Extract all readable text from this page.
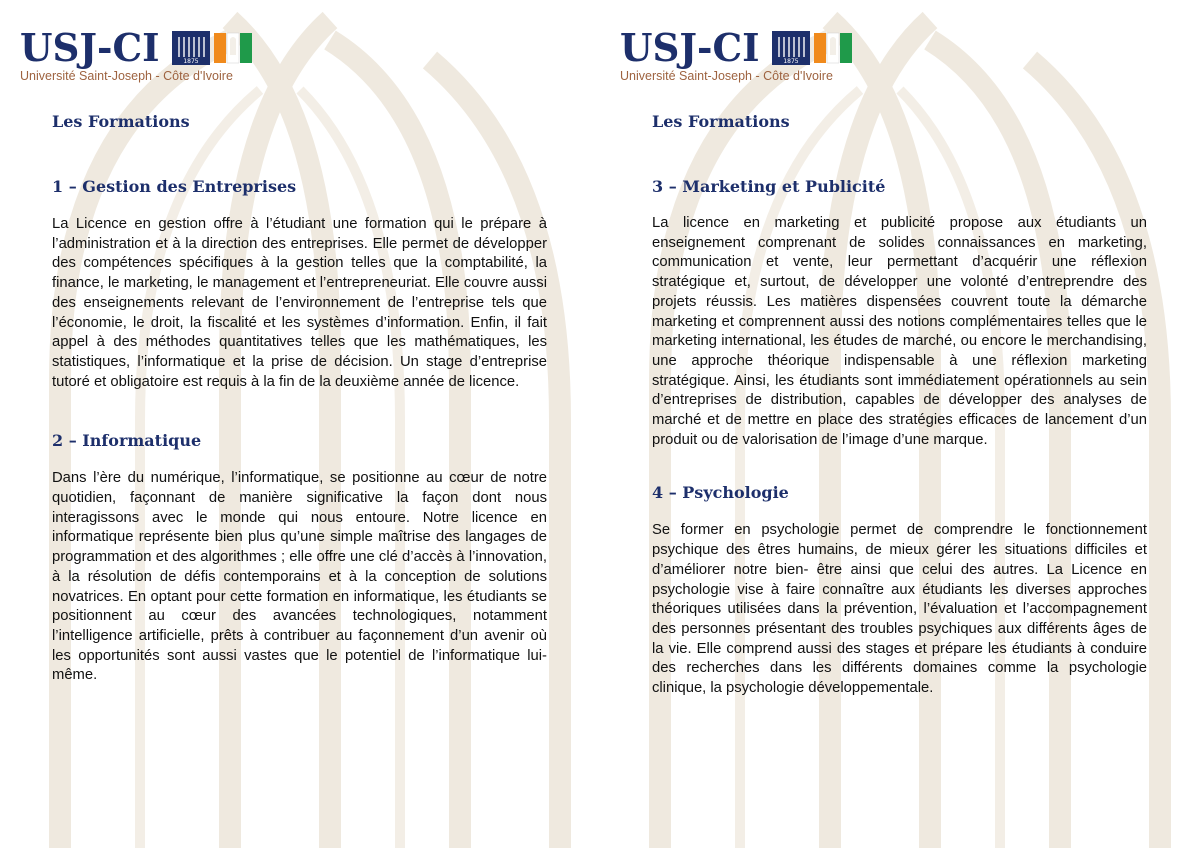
USJ-CI	1875
Université Saint-Joseph - Côte d'Ivoire
Les Formations
1 – Gestion des Entreprises

La Licence en gestion offre à l’étudiant une formation qui le prépare à l’administration et à la direction des entreprises. Elle permet de développer des compétences spécifiques à la gestion telles que la comptabilité, la finance, le marketing, le management et l’entrepreneuriat. Elle couvre aussi des enseignements relevant de l’environnement de l’entreprise tels que l’économie, le droit, la fiscalité et les systèmes d’information. Enfin, il fait appel à des méthodes quantitatives telles que les mathématiques, les statistiques, l’informatique et la prise de décision. Un stage d’entreprise tutoré et obligatoire est requis à la fin de la deuxième année de licence.

2 – Informatique

Dans l’ère du numérique, l’informatique, se positionne au cœur de notre quotidien, façonnant de manière significative la façon dont nous interagissons avec le monde qui nous entoure. Notre licence en informatique représente bien plus qu’une simple maîtrise des langages de programmation et des algorithmes ; elle offre une clé d’accès à l’innovation, à la résolution de défis contemporains et à la conception de solutions novatrices. En optant pour cette formation en informatique, les étudiants se positionnent au cœur des avancées technologiques, notamment l’intelligence artificielle, prêts à contribuer au façonnement d’un avenir où les opportunités sont aussi vastes que le potentiel de l’informatique lui-même.

USJ-CI	1875
Université Saint-Joseph - Côte d'Ivoire
Les Formations
3 – Marketing et Publicité

La licence en marketing et publicité propose aux étudiants un enseignement comprenant de solides connaissances en marketing, communication et vente, leur permettant d’acquérir une réflexion stratégique et, surtout, de développer une volonté d’entreprendre des projets réussis. Les matières dispensées couvrent toute la démarche marketing et comprennent aussi des notions complémentaires telles que le marketing international, les études de marché, ou encore le merchandising, une approche théorique indispensable à une réflexion marketing stratégique. Ainsi, les étudiants sont immédiatement opérationnels au sein d’entreprises de distribution, capables de développer des analyses de marché et de mettre en place des stratégies efficaces de lancement d’un produit ou de valorisation de l’image d’une marque.

4 – Psychologie

Se former en psychologie permet de comprendre le fonctionnement psychique des êtres humains, de mieux gérer les situations difficiles et d’améliorer notre bien- être ainsi que celui des autres. La Licence en psychologie vise à faire connaître aux étudiants les diverses approches théoriques utilisées dans la prévention, l’évaluation et l’accompagnement des personnes présentant des troubles psychiques aux différents âges de la vie. Elle comprend aussi des stages et prépare les étudiants à conduire des recherches dans les différents domaines comme la psychologie clinique, la psychologie développementale.
